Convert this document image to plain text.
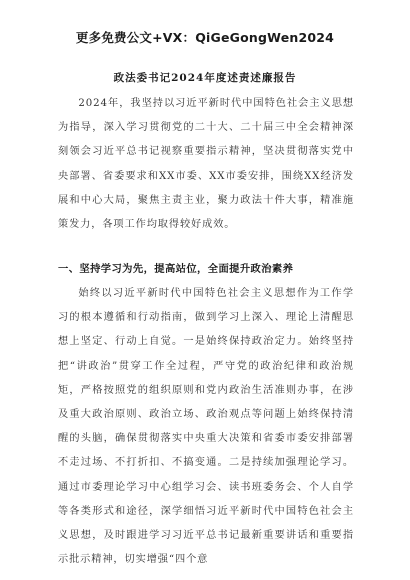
更多免费公文+VX：QiGeGongWen2024
政法委书记2024年度述责述廉报告
2024年，我坚持以习近平新时代中国特色社会主义思想为指导，深入学习贯彻党的二十大、二十届三中全会精神深刻领会习近平总书记视察重要指示精神，坚决贯彻落实党中央部署、省委要求和XX市委、XX市委安排，围绕XX经济发展和中心大局，聚焦主责主业，聚力政法十件大事，精准施策发力，各项工作均取得较好成效。
一、坚持学习为先，提高站位，全面提升政治素养
始终以习近平新时代中国特色社会主义思想作为工作学习的根本遵循和行动指南，做到学习上深入、理论上清醒思想上坚定、行动上自觉。一是始终保持政治定力。始终坚持把“讲政治”贯穿工作全过程，严守党的政治纪律和政治规矩，严格按照党的组织原则和党内政治生活准则办事，在涉及重大政治原则、政治立场、政治观点等问题上始终保持清醒的头脑，确保贯彻落实中央重大决策和省委市委安排部署不走过场、不打折扣、不搞变通。二是持续加强理论学习。通过市委理论学习中心组学习会、读书班委务会、个人自学等各类形式和途径，深学细悟习近平新时代中国特色社会主义思想，及时跟进学习习近平总书记最新重要讲话和重要指示批示精神，切实增强“四个意
